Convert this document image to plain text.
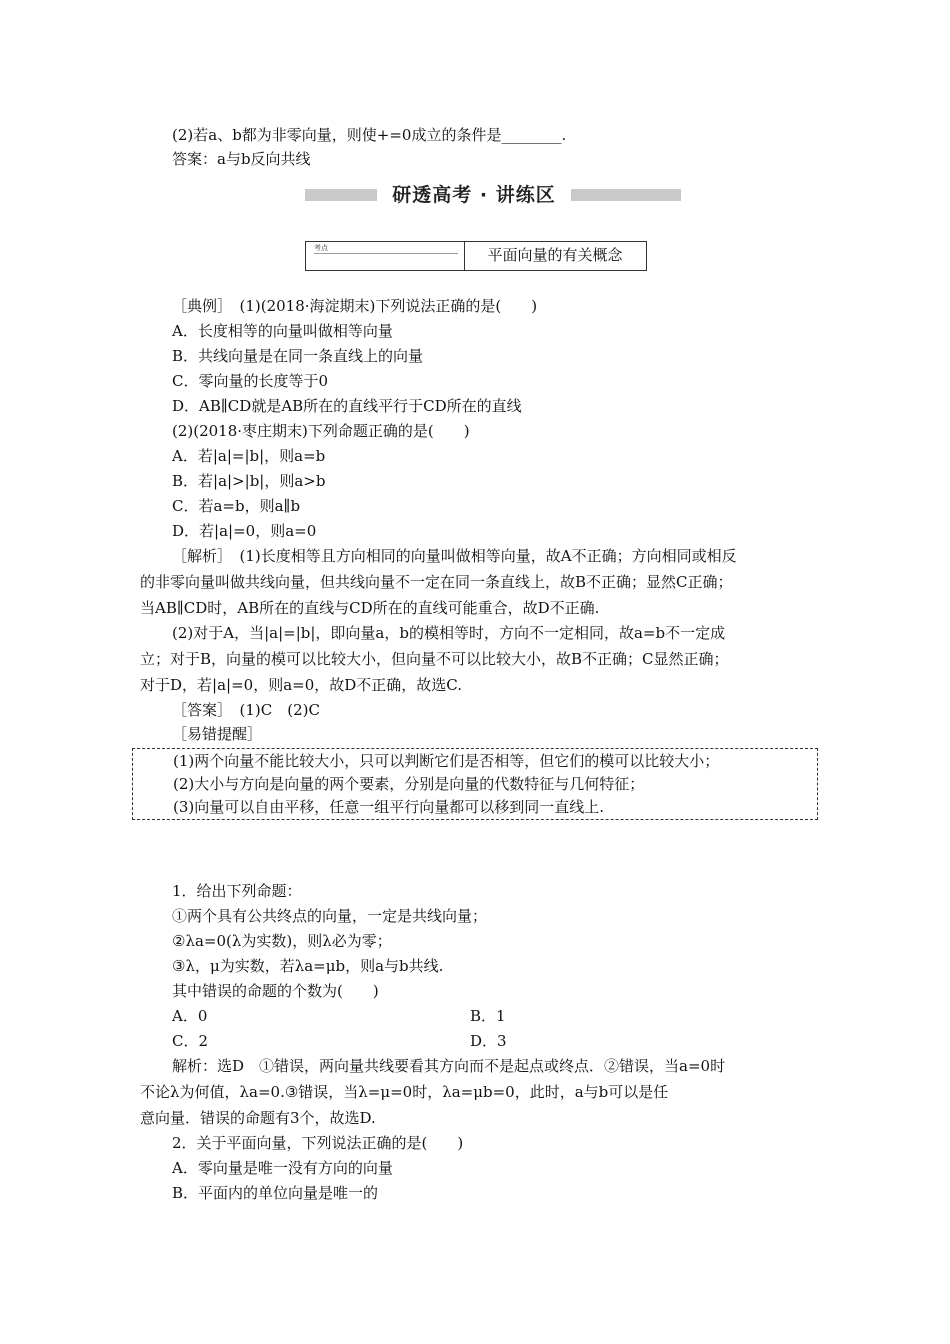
(2)若a、b都为非零向量，则使+=0成立的条件是________.
答案：a与b反向共线
研透高考 · 讲练区
考点	平面向量的有关概念
［典例］　(1)(2018·海淀期末)下列说法正确的是(　　)
A．长度相等的向量叫做相等向量
B．共线向量是在同一条直线上的向量
C．零向量的长度等于0
D．AB∥CD就是AB所在的直线平行于CD所在的直线
(2)(2018·枣庄期末)下列命题正确的是(　　)
A．若|a|=|b|，则a=b
B．若|a|>|b|，则a>b
C．若a=b，则a∥b
D．若|a|=0，则a=0
［解析］　(1)长度相等且方向相同的向量叫做相等向量，故A不正确；方向相同或相反
的非零向量叫做共线向量，但共线向量不一定在同一条直线上，故B不正确；显然C正确；
当AB∥CD时，AB所在的直线与CD所在的直线可能重合，故D不正确.
(2)对于A，当|a|=|b|，即向量a，b的模相等时，方向不一定相同，故a=b不一定成
立；对于B，向量的模可以比较大小，但向量不可以比较大小，故B不正确；C显然正确；
对于D，若|a|=0，则a=0，故D不正确，故选C.
［答案］　(1)C　(2)C
［易错提醒］
(1)两个向量不能比较大小，只可以判断它们是否相等，但它们的模可以比较大小；
(2)大小与方向是向量的两个要素，分别是向量的代数特征与几何特征；
(3)向量可以自由平移，任意一组平行向量都可以移到同一直线上.
1．给出下列命题：
①两个具有公共终点的向量，一定是共线向量；
②λa=0(λ为实数)，则λ必为零；
③λ，μ为实数，若λa=μb，则a与b共线.
其中错误的命题的个数为(　　)
A．0	B．1
C．2	D．3
解析：选D　①错误，两向量共线要看其方向而不是起点或终点．②错误，当a=0时
不论λ为何值，λa=0.③错误，当λ=μ=0时，λa=μb=0，此时，a与b可以是任
意向量．错误的命题有3个，故选D.
2．关于平面向量，下列说法正确的是(　　)
A．零向量是唯一没有方向的向量
B．平面内的单位向量是唯一的
